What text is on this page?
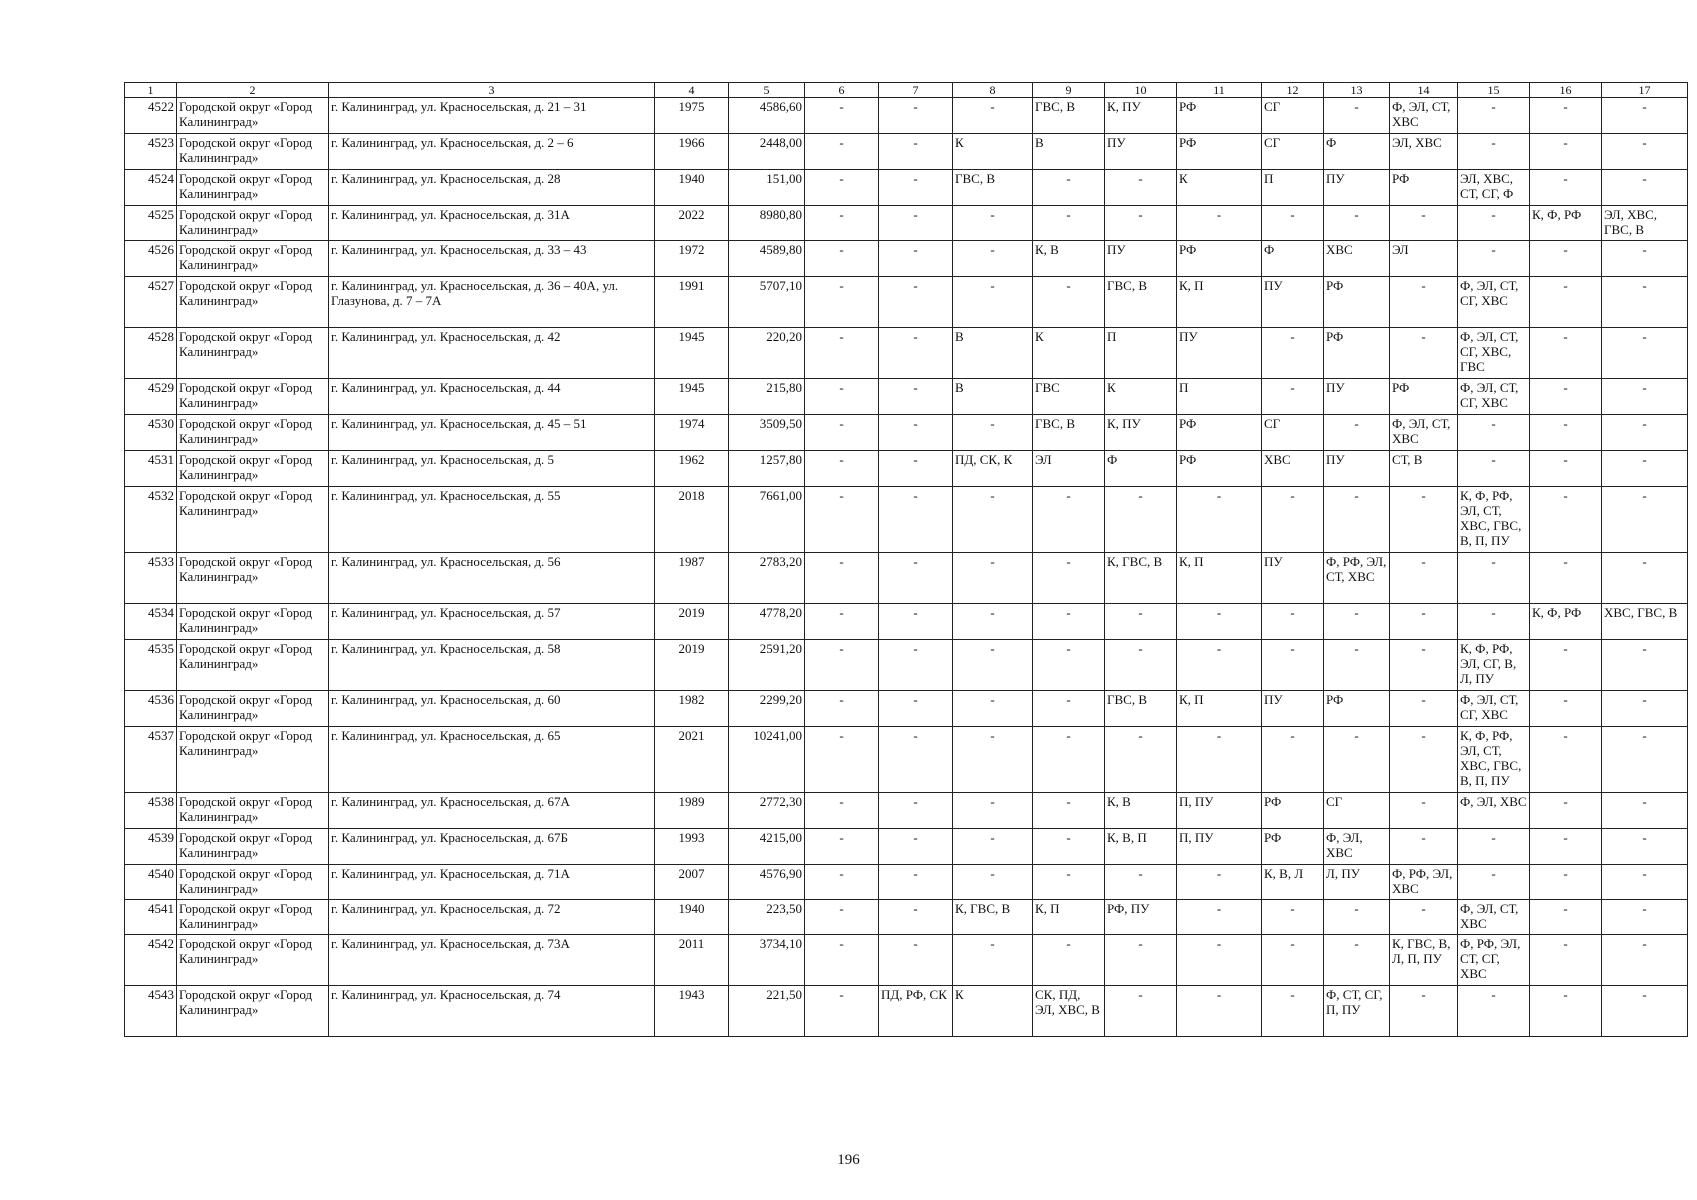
1	2	3	4	5	6	7	8	9	10	11	12	13	14	15	16	17
4522	Городской округ «Город Калининград»	г. Калининград, ул. Красносельская, д. 21 – 31	1975	4586,60	-	-	-	ГВС, В	К, ПУ	РФ	СГ	-	Ф, ЭЛ, СТ, ХВС	-	-	-
4523	Городской округ «Город Калининград»	г. Калининград, ул. Красносельская, д. 2 – 6	1966	2448,00	-	-	К	В	ПУ	РФ	СГ	Ф	ЭЛ, ХВС	-	-	-
4524	Городской округ «Город Калининград»	г. Калининград, ул. Красносельская, д. 28	1940	151,00	-	-	ГВС, В	-	-	К	П	ПУ	РФ	ЭЛ, ХВС, СТ, СГ, Ф	-	-
4525	Городской округ «Город Калининград»	г. Калининград, ул. Красносельская, д. 31А	2022	8980,80	-	-	-	-	-	-	-	-	-	-	К, Ф, РФ	ЭЛ, ХВС, ГВС, В
4526	Городской округ «Город Калининград»	г. Калининград, ул. Красносельская, д. 33 – 43	1972	4589,80	-	-	-	К, В	ПУ	РФ	Ф	ХВС	ЭЛ	-	-	-
4527	Городской округ «Город Калининград»	г. Калининград, ул. Красносельская, д. 36 – 40А, ул. Глазунова, д. 7 – 7А	1991	5707,10	-	-	-	-	ГВС, В	К, П	ПУ	РФ	-	Ф, ЭЛ, СТ, СГ, ХВС	-	-
4528	Городской округ «Город Калининград»	г. Калининград, ул. Красносельская, д. 42	1945	220,20	-	-	В	К	П	ПУ	-	РФ	-	Ф, ЭЛ, СТ, СГ, ХВС, ГВС	-	-
4529	Городской округ «Город Калининград»	г. Калининград, ул. Красносельская, д. 44	1945	215,80	-	-	В	ГВС	К	П	-	ПУ	РФ	Ф, ЭЛ, СТ, СГ, ХВС	-	-
4530	Городской округ «Город Калининград»	г. Калининград, ул. Красносельская, д. 45 – 51	1974	3509,50	-	-	-	ГВС, В	К, ПУ	РФ	СГ	-	Ф, ЭЛ, СТ, ХВС	-	-	-
4531	Городской округ «Город Калининград»	г. Калининград, ул. Красносельская, д. 5	1962	1257,80	-	-	ПД, СК, К	ЭЛ	Ф	РФ	ХВС	ПУ	СТ, В	-	-	-
4532	Городской округ «Город Калининград»	г. Калининград, ул. Красносельская, д. 55	2018	7661,00	-	-	-	-	-	-	-	-	-	К, Ф, РФ, ЭЛ, СТ, ХВС, ГВС, В, П, ПУ	-	-
4533	Городской округ «Город Калининград»	г. Калининград, ул. Красносельская, д. 56	1987	2783,20	-	-	-	-	К, ГВС, В	К, П	ПУ	Ф, РФ, ЭЛ, СТ, ХВС	-	-	-	-
4534	Городской округ «Город Калининград»	г. Калининград, ул. Красносельская, д. 57	2019	4778,20	-	-	-	-	-	-	-	-	-	-	К, Ф, РФ	ХВС, ГВС, В
4535	Городской округ «Город Калининград»	г. Калининград, ул. Красносельская, д. 58	2019	2591,20	-	-	-	-	-	-	-	-	-	К, Ф, РФ, ЭЛ, СГ, В, Л, ПУ	-	-
4536	Городской округ «Город Калининград»	г. Калининград, ул. Красносельская, д. 60	1982	2299,20	-	-	-	-	ГВС, В	К, П	ПУ	РФ	-	Ф, ЭЛ, СТ, СГ, ХВС	-	-
4537	Городской округ «Город Калининград»	г. Калининград, ул. Красносельская, д. 65	2021	10241,00	-	-	-	-	-	-	-	-	-	К, Ф, РФ, ЭЛ, СТ, ХВС, ГВС, В, П, ПУ	-	-
4538	Городской округ «Город Калининград»	г. Калининград, ул. Красносельская, д. 67А	1989	2772,30	-	-	-	-	К, В	П, ПУ	РФ	СГ	-	Ф, ЭЛ, ХВС	-	-
4539	Городской округ «Город Калининград»	г. Калининград, ул. Красносельская, д. 67Б	1993	4215,00	-	-	-	-	К, В, П	П, ПУ	РФ	Ф, ЭЛ, ХВС	-	-	-	-
4540	Городской округ «Город Калининград»	г. Калининград, ул. Красносельская, д. 71А	2007	4576,90	-	-	-	-	-	-	К, В, Л	Л, ПУ	Ф, РФ, ЭЛ, ХВС	-	-	-
4541	Городской округ «Город Калининград»	г. Калининград, ул. Красносельская, д. 72	1940	223,50	-	-	К, ГВС, В	К, П	РФ, ПУ	-	-	-	-	Ф, ЭЛ, СТ, ХВС	-	-
4542	Городской округ «Город Калининград»	г. Калининград, ул. Красносельская, д. 73А	2011	3734,10	-	-	-	-	-	-	-	-	К, ГВС, В, Л, П, ПУ	Ф, РФ, ЭЛ, СТ, СГ, ХВС	-	-
4543	Городской округ «Город Калининград»	г. Калининград, ул. Красносельская, д. 74	1943	221,50	-	ПД, РФ, СК	К	СК, ПД, ЭЛ, ХВС, В	-	-	-	Ф, СТ, СГ, П, ПУ	-	-	-	-
196
